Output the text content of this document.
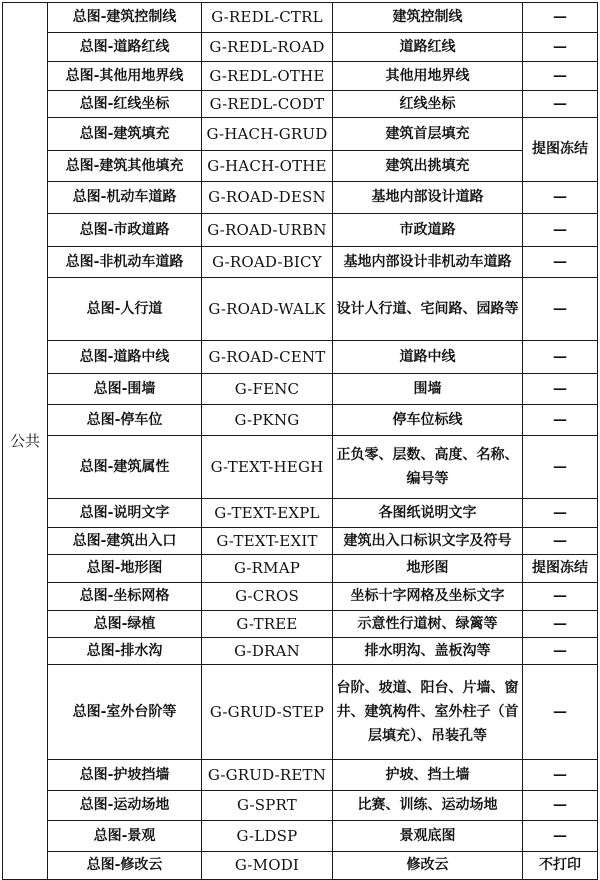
公共	总图-建筑控制线	G-REDL-CTRL	建筑控制线	—
	总图-道路红线	G-REDL-ROAD	道路红线	—
	总图-其他用地界线	G-REDL-OTHE	其他用地界线	—
	总图-红线坐标	G-REDL-CODT	红线坐标	—
	总图-建筑填充	G-HACH-GRUD	建筑首层填充	提图冻结
	总图-建筑其他填充	G-HACH-OTHE	建筑出挑填充	
	总图-机动车道路	G-ROAD-DESN	基地内部设计道路	—
	总图-市政道路	G-ROAD-URBN	市政道路	—
	总图-非机动车道路	G-ROAD-BICY	基地内部设计非机动车道路	—
	总图-人行道	G-ROAD-WALK	设计人行道、宅间路、园路等	—
	总图-道路中线	G-ROAD-CENT	道路中线	—
	总图-围墙	G-FENC	围墙	—
	总图-停车位	G-PKNG	停车位标线	—
	总图-建筑属性	G-TEXT-HEGH	正负零、层数、高度、名称、编号等	—
	总图-说明文字	G-TEXT-EXPL	各图纸说明文字	—
	总图-建筑出入口	G-TEXT-EXIT	建筑出入口标识文字及符号	—
	总图-地形图	G-RMAP	地形图	提图冻结
	总图-坐标网格	G-CROS	坐标十字网格及坐标文字	—
	总图-绿植	G-TREE	示意性行道树、绿篱等	—
	总图-排水沟	G-DRAN	排水明沟、盖板沟等	—
	总图-室外台阶等	G-GRUD-STEP	台阶、坡道、阳台、片墙、窗井、建筑构件、室外柱子（首层填充）、吊装孔等	—
	总图-护坡挡墙	G-GRUD-RETN	护坡、挡土墙	—
	总图-运动场地	G-SPRT	比赛、训练、运动场地	—
	总图-景观	G-LDSP	景观底图	—
	总图-修改云	G-MODI	修改云	不打印
